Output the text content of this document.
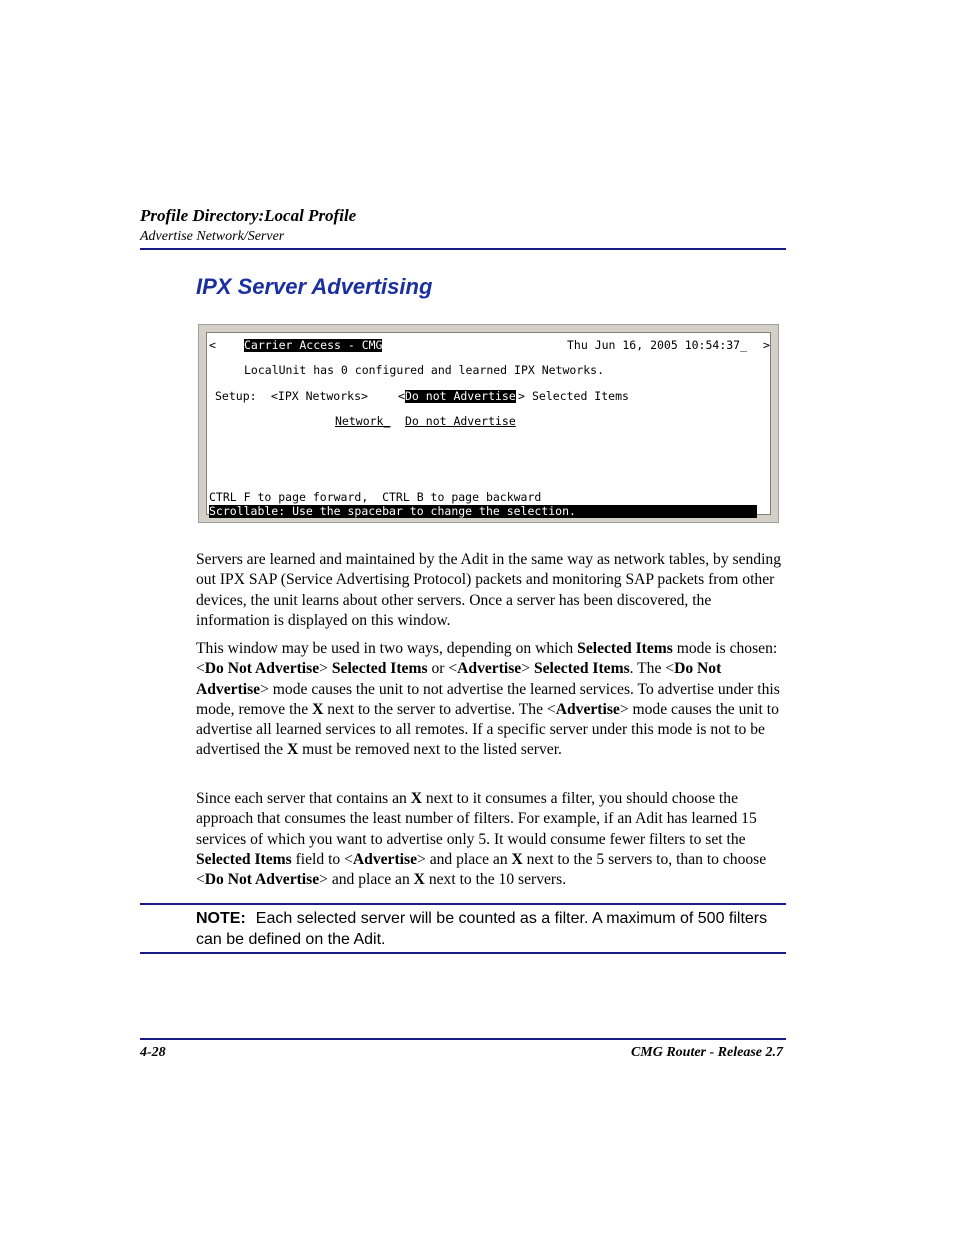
Profile Directory:Local Profile
Advertise Network/Server
IPX Server Advertising
< Carrier Access - CMG	Thu Jun 16, 2005 10:54:37_ >
LocalUnit has 0 configured and learned IPX Networks.
Setup: <IPX Networks>	< Do not Advertise > Selected Items
Network_ Do not Advertise
CTRL F to page forward,  CTRL B to page backward
Scrollable: Use the spacebar to change the selection.

Servers are learned and maintained by the Adit in the same way as network tables, by sending out IPX SAP (Service Advertising Protocol) packets and monitoring SAP packets from other devices, the unit learns about other servers. Once a server has been discovered, the information is displayed on this window.

This window may be used in two ways, depending on which Selected Items mode is chosen: <Do Not Advertise> Selected Items or <Advertise> Selected Items. The <Do Not Advertise> mode causes the unit to not advertise the learned services. To advertise under this mode, remove the X next to the server to advertise. The <Advertise> mode causes the unit to advertise all learned services to all remotes. If a specific server under this mode is not to be advertised the X must be removed next to the listed server.

Since each server that contains an X next to it consumes a filter, you should choose the approach that consumes the least number of filters. For example, if an Adit has learned 15 services of which you want to advertise only 5. It would consume fewer filters to set the Selected Items field to <Advertise> and place an X next to the 5 servers to, than to choose <Do Not Advertise> and place an X next to the 10 servers.

NOTE: Each selected server will be counted as a filter. A maximum of 500 filters can be defined on the Adit.
4-28	CMG Router - Release 2.7
